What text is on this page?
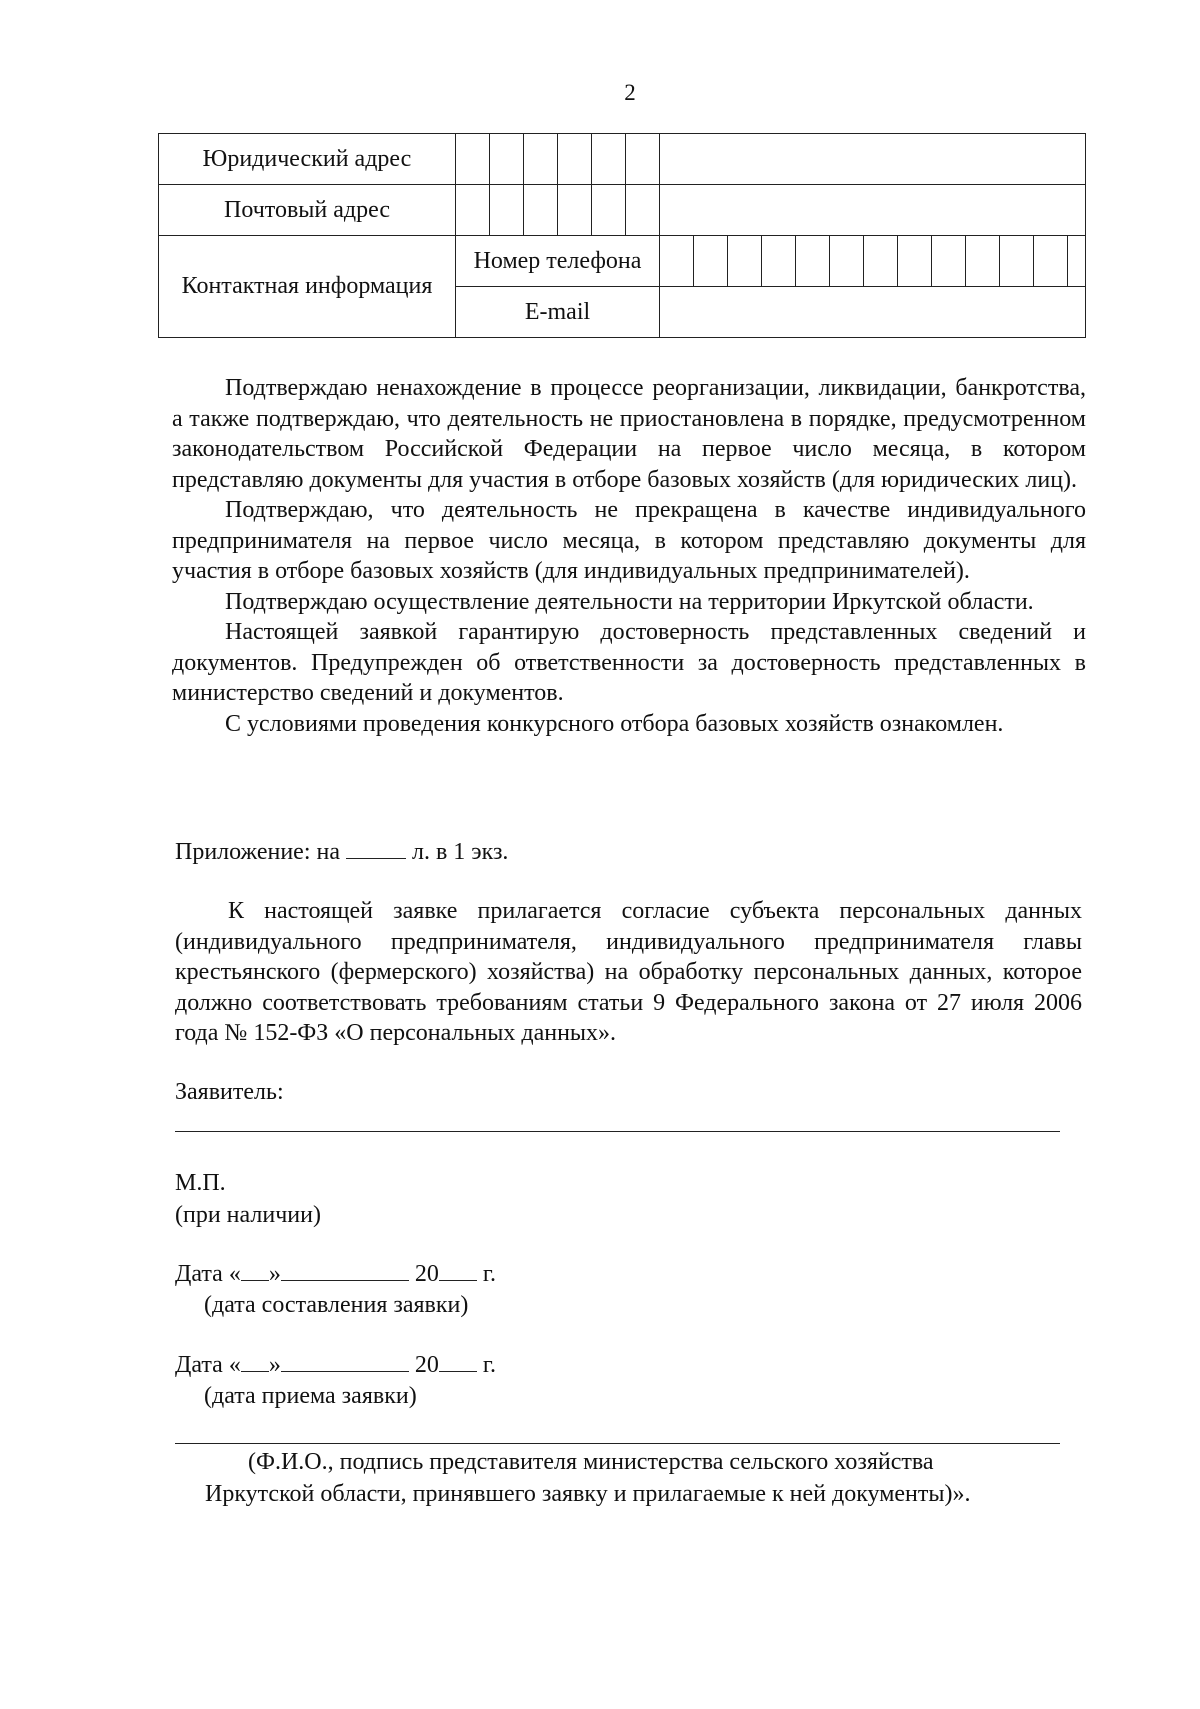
2
Юридический адрес																			
Почтовый адрес																			
Контактная информация	Номер телефона																		
	E-mail																		

Подтверждаю ненахождение в процессе реорганизации, ликвидации, банкротства, а также подтверждаю, что деятельность не приостановлена в порядке, предусмотренном законодательством Российской Федерации на первое число месяца, в котором представляю документы для участия в отборе базовых хозяйств (для юридических лиц).

Подтверждаю, что деятельность не прекращена в качестве индивидуального предпринимателя на первое число месяца, в котором представляю документы для участия в отборе базовых хозяйств (для индивидуальных предпринимателей).

Подтверждаю осуществление деятельности на территории Иркутской области.

Настоящей заявкой гарантирую достоверность представленных сведений и документов. Предупрежден об ответственности за достоверность представленных в министерство сведений и документов.

С условиями проведения конкурсного отбора базовых хозяйств ознакомлен.

Приложение: на	л. в 1 экз.

К настоящей заявке прилагается согласие субъекта персональных данных (индивидуального предпринимателя, индивидуального предпринимателя главы крестьянского (фермерского) хозяйства) на обработку персональных данных, которое должно соответствовать требованиям статьи 9 Федерального закона от 27 июля 2006 года № 152-ФЗ «О персональных данных».

Заявитель:
М.П.
(при наличии)
Дата « »	20 г.
(дата составления заявки)
Дата « »	20 г.
(дата приема заявки)
(Ф.И.О., подпись представителя министерства сельского хозяйства
Иркутской области, принявшего заявку и прилагаемые к ней документы)».
